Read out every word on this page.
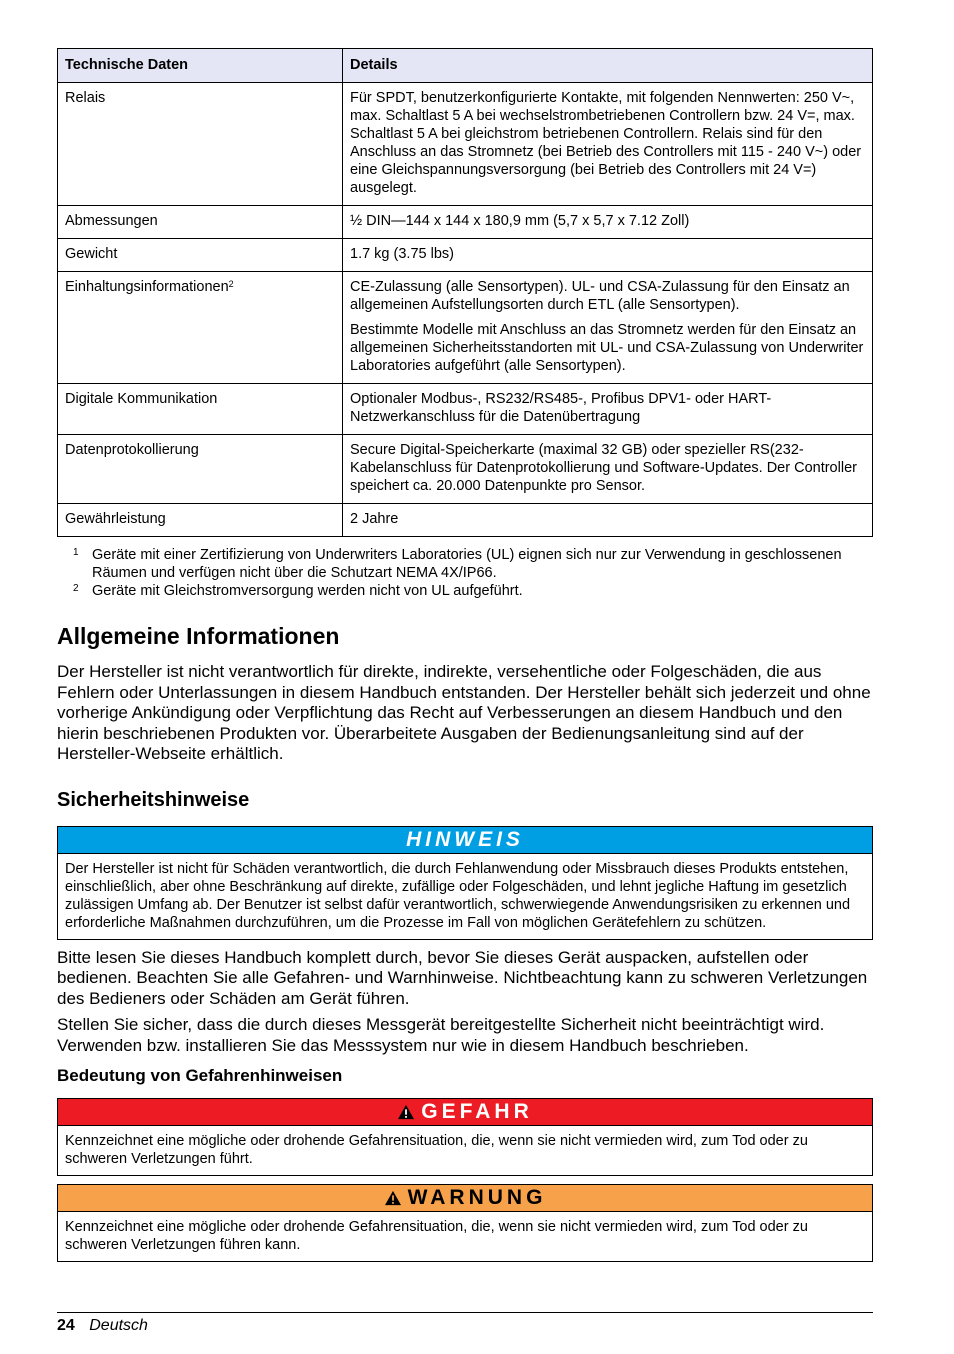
Technische Daten	Details
Relais	Für SPDT, benutzerkonfigurierte Kontakte, mit folgenden Nennwerten: 250 V~, max. Schaltlast 5 A bei wechselstrombetriebenen Controllern bzw. 24 V=, max. Schaltlast 5 A bei gleichstrom betriebenen Controllern. Relais sind für den Anschluss an das Stromnetz (bei Betrieb des Controllers mit 115 - 240 V~) oder eine Gleichspannungsversorgung (bei Betrieb des Controllers mit 24 V=) ausgelegt.

Abmessungen	½ DIN—144 x 144 x 180,9 mm (5,7 x 5,7 x 7.12 Zoll)

Gewicht	1.7 kg (3.75 lbs)

Einhaltungsinformationen$^2$	CE-Zulassung (alle Sensortypen). UL- und CSA-Zulassung für den Einsatz an allgemeinen Aufstellungsorten durch ETL (alle Sensortypen).

Bestimmte Modelle mit Anschluss an das Stromnetz werden für den Einsatz an allgemeinen Sicherheitsstandorten mit UL- und CSA-Zulassung von Underwriter Laboratories aufgeführt (alle Sensortypen).

Digitale Kommunikation	Optionaler Modbus-, RS232/RS485-, Profibus DPV1- oder HART-Netzwerkanschluss für die Datenübertragung

Datenprotokollierung	Secure Digital-Speicherkarte (maximal 32 GB) oder spezieller RS(232-Kabelanschluss für Datenprotokollierung und Software-Updates. Der Controller speichert ca. 20.000 Datenpunkte pro Sensor.

Gewährleistung	2 Jahre

1 Geräte mit einer Zertifizierung von Underwriters Laboratories (UL) eignen sich nur zur Verwendung in geschlossenen Räumen und verfügen nicht über die Schutzart NEMA 4X/IP66.
2 Geräte mit Gleichstromversorgung werden nicht von UL aufgeführt.
Allgemeine Informationen

Der Hersteller ist nicht verantwortlich für direkte, indirekte, versehentliche oder Folgeschäden, die aus Fehlern oder Unterlassungen in diesem Handbuch entstanden. Der Hersteller behält sich jederzeit und ohne vorherige Ankündigung oder Verpflichtung das Recht auf Verbesserungen an diesem Handbuch und den hierin beschriebenen Produkten vor. Überarbeitete Ausgaben der Bedienungsanleitung sind auf der Hersteller-Webseite erhältlich.

Sicherheitshinweise
HINWEIS
Der Hersteller ist nicht für Schäden verantwortlich, die durch Fehlanwendung oder Missbrauch dieses Produkts entstehen, einschließlich, aber ohne Beschränkung auf direkte, zufällige oder Folgeschäden, und lehnt jegliche Haftung im gesetzlich zulässigen Umfang ab. Der Benutzer ist selbst dafür verantwortlich, schwerwiegende Anwendungsrisiken zu erkennen und erforderliche Maßnahmen durchzuführen, um die Prozesse im Fall von möglichen Gerätefehlern zu schützen.

Bitte lesen Sie dieses Handbuch komplett durch, bevor Sie dieses Gerät auspacken, aufstellen oder bedienen. Beachten Sie alle Gefahren- und Warnhinweise. Nichtbeachtung kann zu schweren Verletzungen des Bedieners oder Schäden am Gerät führen.

Stellen Sie sicher, dass die durch dieses Messgerät bereitgestellte Sicherheit nicht beeinträchtigt wird. Verwenden bzw. installieren Sie das Messsystem nur wie in diesem Handbuch beschrieben.

Bedeutung von Gefahrenhinweisen
GEFAHR
Kennzeichnet eine mögliche oder drohende Gefahrensituation, die, wenn sie nicht vermieden wird, zum Tod oder zu schweren Verletzungen führt.
WARNUNG
Kennzeichnet eine mögliche oder drohende Gefahrensituation, die, wenn sie nicht vermieden wird, zum Tod oder zu schweren Verletzungen führen kann.
24 Deutsch
